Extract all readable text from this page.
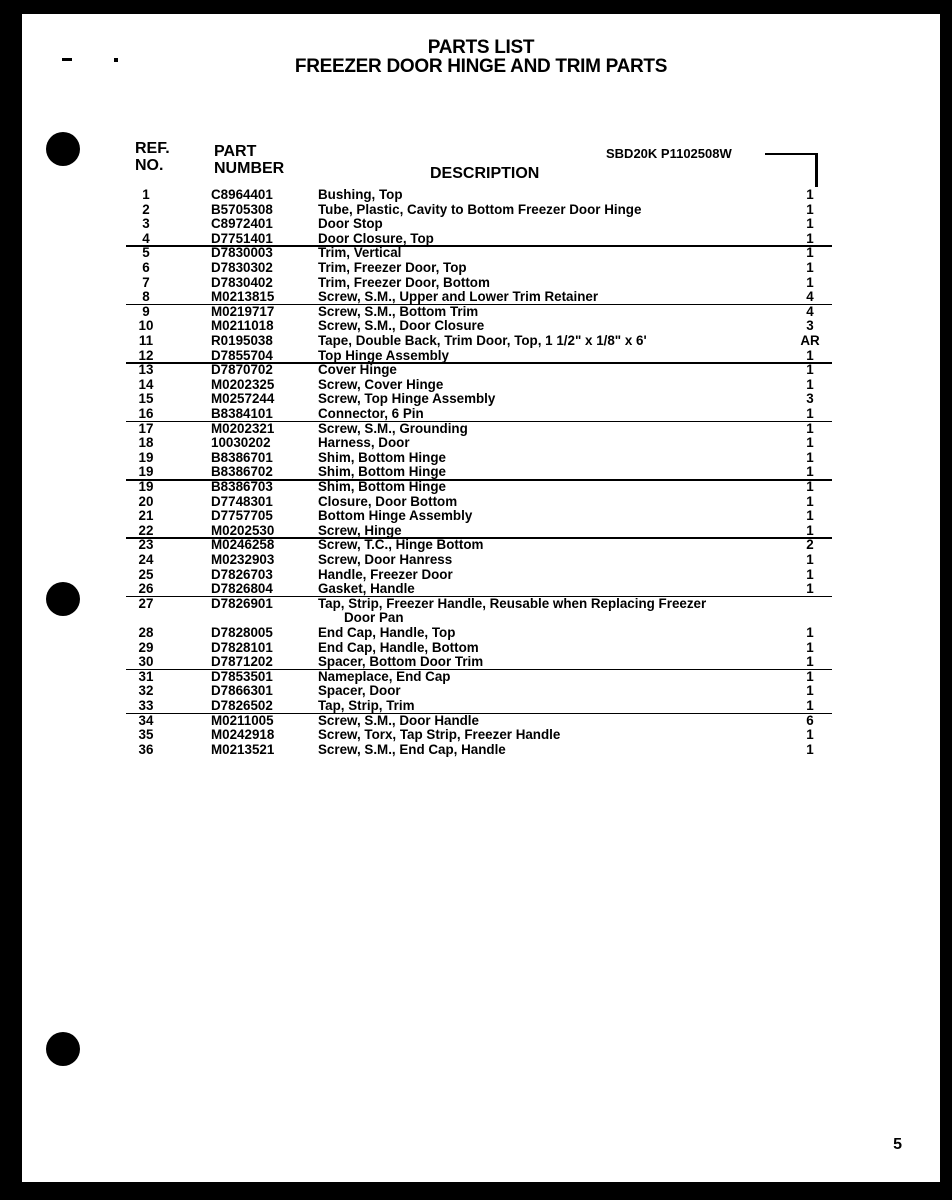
PARTS LIST
FREEZER DOOR HINGE AND TRIM PARTS
REF.
NO.
PART
NUMBER	DESCRIPTION
SBD20K P1102508W
1	C8964401	Bushing, Top	1
2	B5705308	Tube, Plastic, Cavity to Bottom Freezer Door Hinge	1
3	C8972401	Door Stop	1
4	D7751401	Door Closure, Top	1
5	D7830003	Trim, Vertical	1
6	D7830302	Trim, Freezer Door, Top	1
7	D7830402	Trim, Freezer Door, Bottom	1
8	M0213815	Screw, S.M., Upper and Lower Trim Retainer	4
9	M0219717	Screw, S.M., Bottom Trim	4
10	M0211018	Screw, S.M., Door Closure	3
11	R0195038	Tape, Double Back, Trim Door, Top, 1 1/2" x 1/8" x 6'	AR
12	D7855704	Top Hinge Assembly	1
13	D7870702	Cover Hinge	1
14	M0202325	Screw, Cover Hinge	1
15	M0257244	Screw, Top Hinge Assembly	3
16	B8384101	Connector, 6 Pin	1
17	M0202321	Screw, S.M., Grounding	1
18	10030202	Harness, Door	1
19	B8386701	Shim, Bottom Hinge	1
19	B8386702	Shim, Bottom Hinge	1
19	B8386703	Shim, Bottom Hinge	1
20	D7748301	Closure, Door Bottom	1
21	D7757705	Bottom Hinge Assembly	1
22	M0202530	Screw, Hinge	1
23	M0246258	Screw, T.C., Hinge Bottom	2
24	M0232903	Screw, Door Hanress	1
25	D7826703	Handle, Freezer Door	1
26	D7826804	Gasket, Handle	1
27	D7826901	Tap, Strip, Freezer Handle, Reusable when Replacing Freezer
Door Pan
28	D7828005	End Cap, Handle, Top	1
29	D7828101	End Cap, Handle, Bottom	1
30	D7871202	Spacer, Bottom Door Trim	1
31	D7853501	Nameplace, End Cap	1
32	D7866301	Spacer, Door	1
33	D7826502	Tap, Strip, Trim	1
34	M0211005	Screw, S.M., Door Handle	6
35	M0242918	Screw, Torx, Tap Strip, Freezer Handle	1
36	M0213521	Screw, S.M., End Cap, Handle	1
5
